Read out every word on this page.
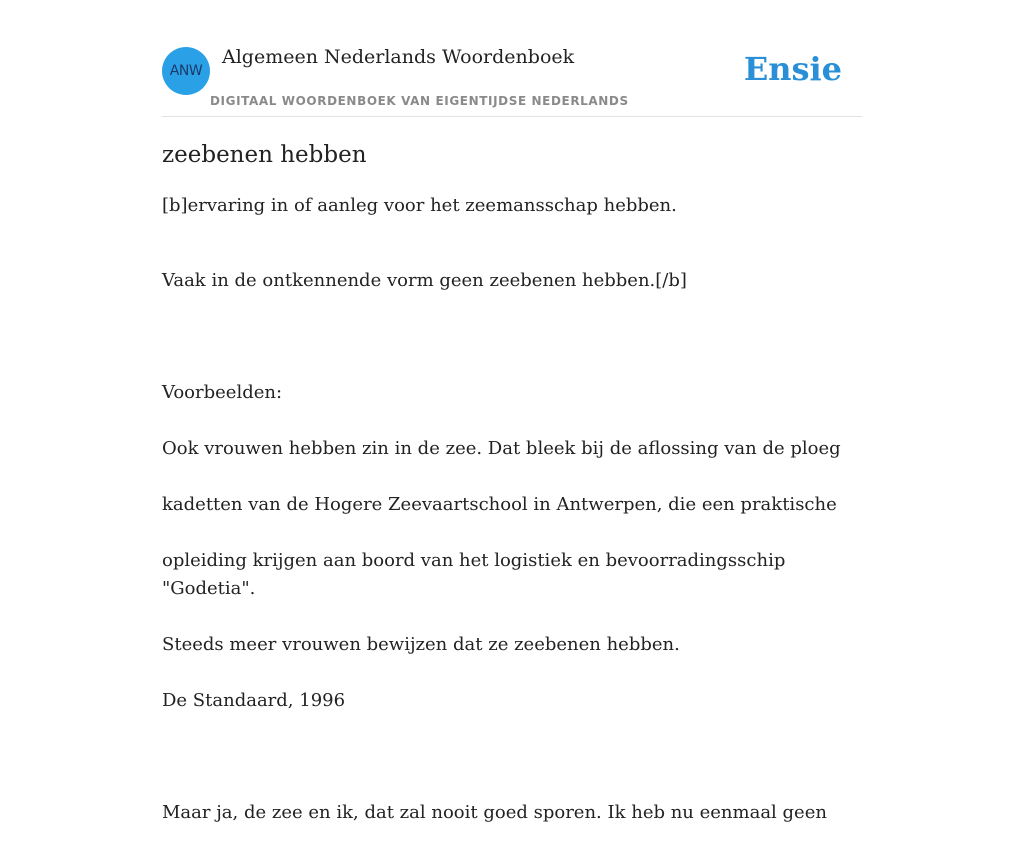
ANW
Algemeen Nederlands Woordenboek
DIGITAAL WOORDENBOEK VAN EIGENTIJDSE NEDERLANDS
Ensie
zeebenen hebben

[b]ervaring in of aanleg voor het zeemansschap hebben.

Vaak in de ontkennende vorm geen zeebenen hebben.[/b]

Voorbeelden:

Ook vrouwen hebben zin in de zee. Dat bleek bij de aflossing van de ploeg

kadetten van de Hogere Zeevaartschool in Antwerpen, die een praktische

opleiding krijgen aan boord van het logistiek en bevoorradingsschip "Godetia".

Steeds meer vrouwen bewijzen dat ze zeebenen hebben.

De Standaard, 1996

Maar ja, de zee en ik, dat zal nooit goed sporen. Ik heb nu eenmaal geen
